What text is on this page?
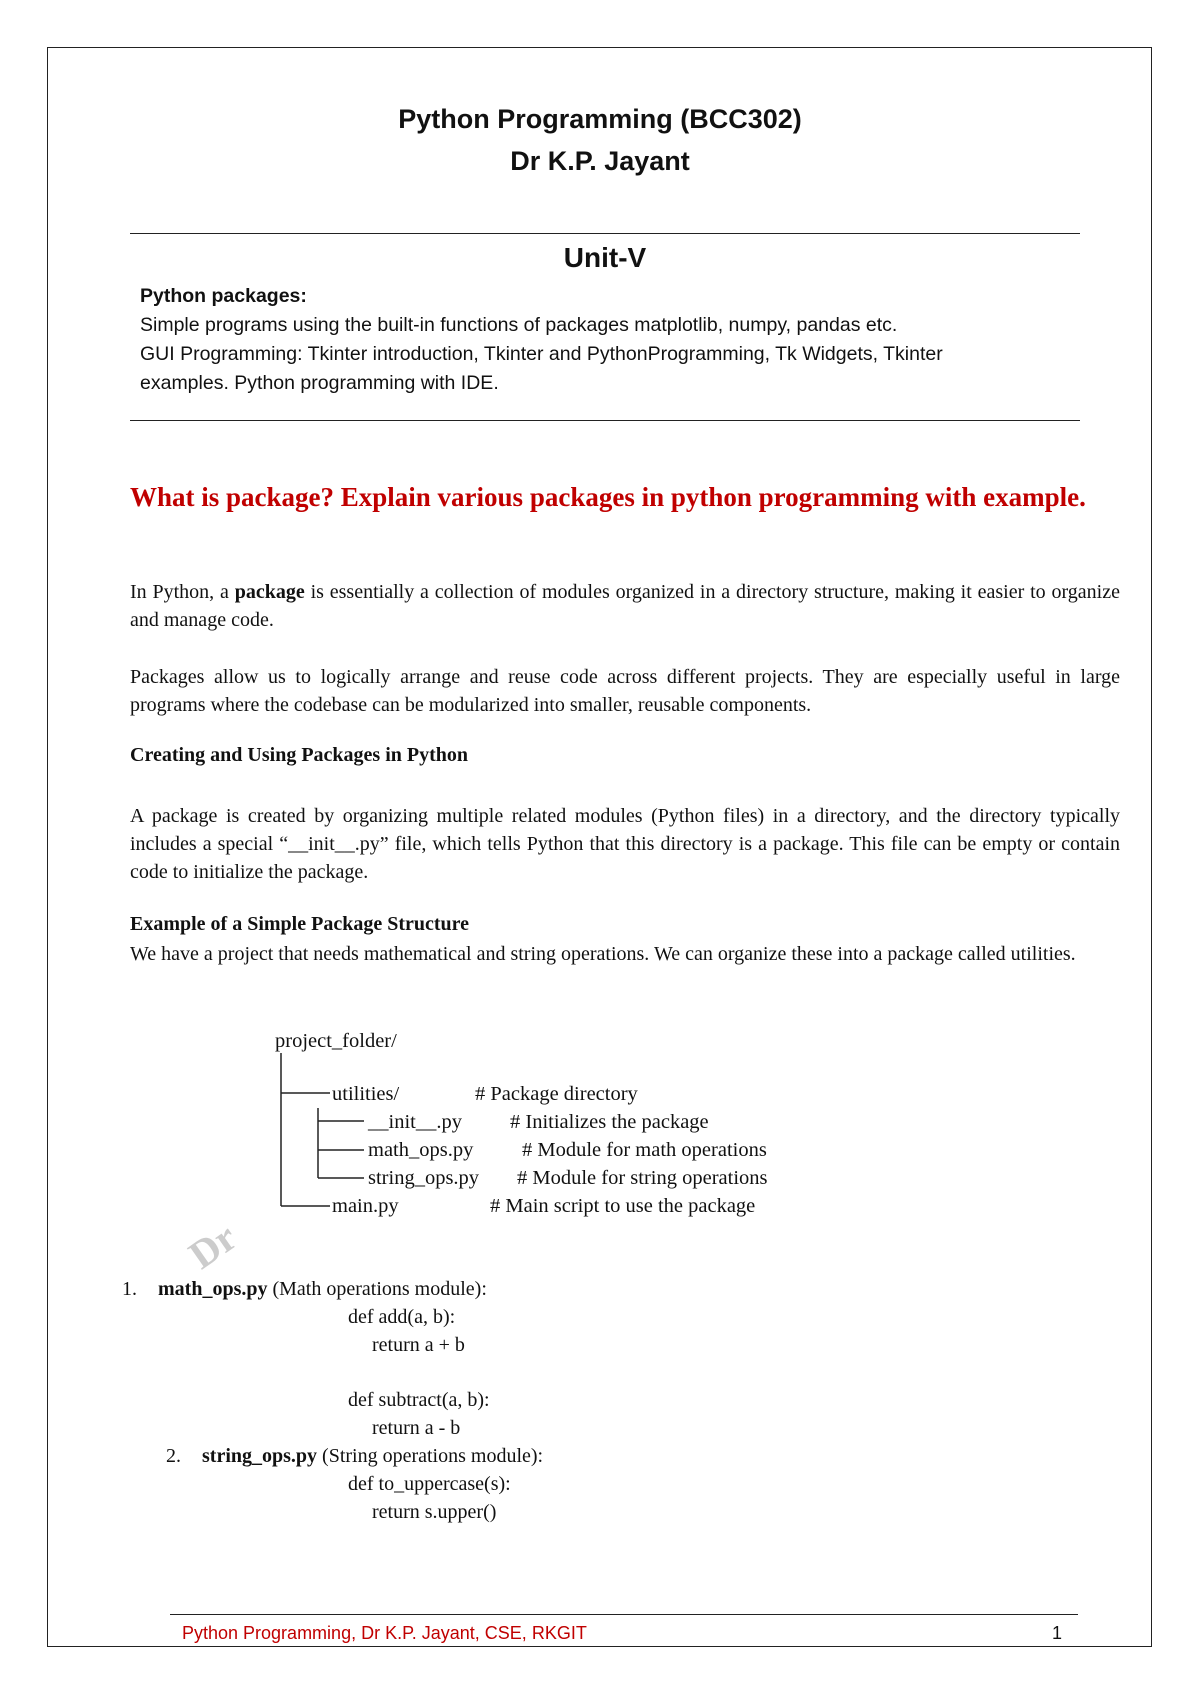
Dr
Python Programming (BCC302)
Dr K.P. Jayant
Unit-V
Python packages:
Simple programs using the built-in functions of packages matplotlib, numpy, pandas etc.
GUI Programming: Tkinter introduction, Tkinter and PythonProgramming, Tk Widgets, Tkinter
examples. Python programming with IDE.
What is package? Explain various packages in python programming with example.
In Python, a package is essentially a collection of modules organized in a directory structure, making it easier to organize and manage code.
Packages allow us to logically arrange and reuse code across different projects. They are especially useful in large programs where the codebase can be modularized into smaller, reusable components.
Creating and Using Packages in Python
A package is created by organizing multiple related modules (Python files) in a directory, and the directory typically includes a special “__init__.py” file, which tells Python that this directory is a package. This file can be empty or contain code to initialize the package.
Example of a Simple Package Structure
We have a project that needs mathematical and string operations. We can organize these into a package called utilities.
project_folder/
utilities/	# Package directory
__init__.py # Initializes the package
math_ops.py # Module for math operations
string_ops.py # Module for string operations
main.py	# Main script to use the package
1. math_ops.py (Math operations module):
def add(a, b):
return a + b
def subtract(a, b):
return a - b
2. string_ops.py (String operations module):
def to_uppercase(s):
return s.upper()
Python Programming, Dr K.P. Jayant, CSE, RKGIT	1
